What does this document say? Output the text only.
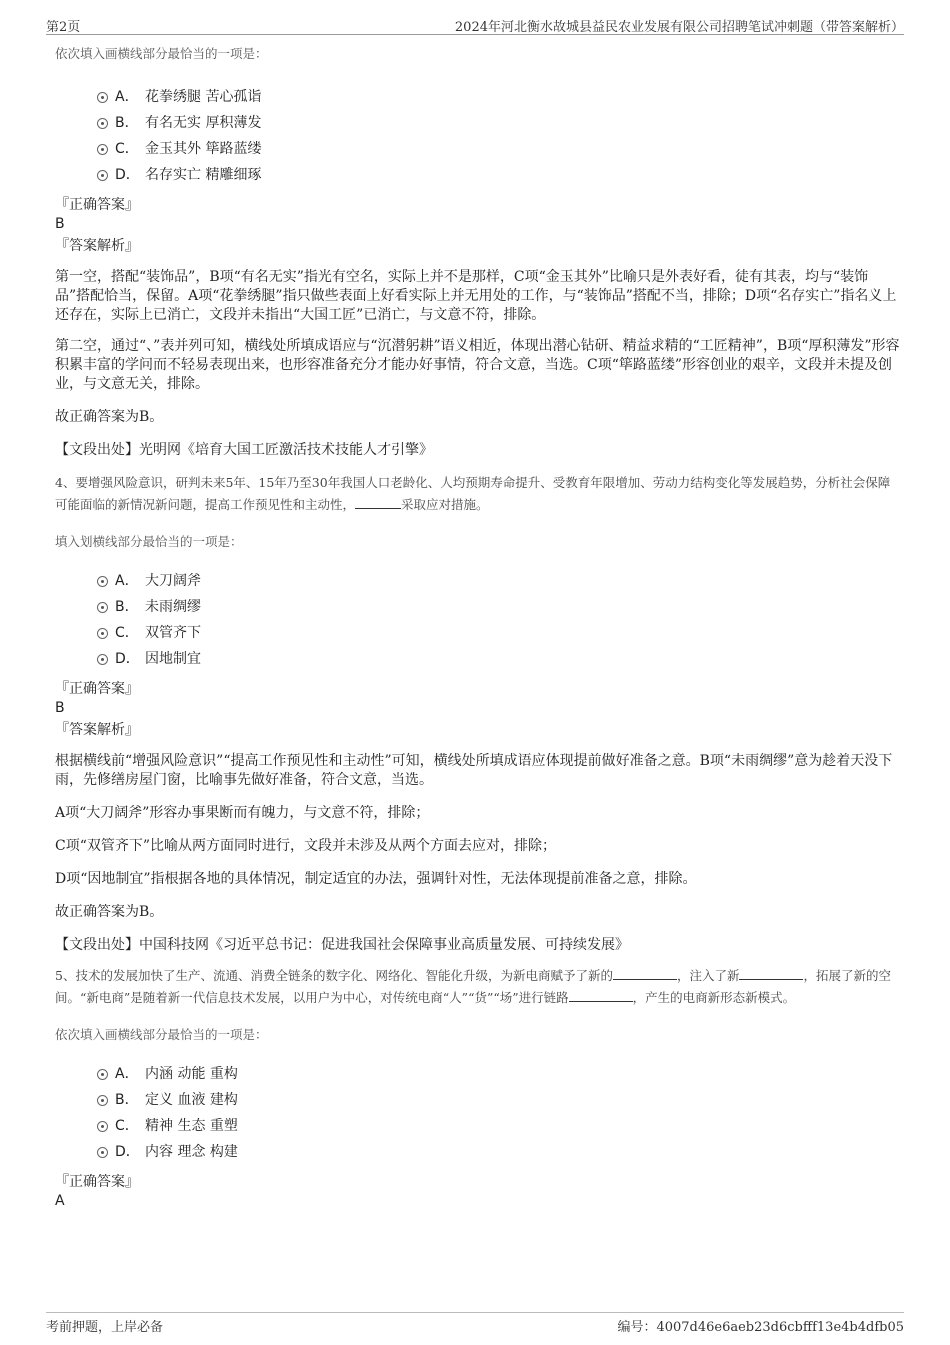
第2页	2024年河北衡水故城县益民农业发展有限公司招聘笔试冲刺题（带答案解析）

依次填入画横线部分最恰当的一项是：

A． 花拳绣腿 苦心孤诣
B． 有名无实 厚积薄发
C． 金玉其外 筚路蓝缕
D． 名存实亡 精雕细琢

『正确答案』

B

『答案解析』

第一空，搭配“装饰品”，B项“有名无实”指光有空名，实际上并不是那样，C项“金玉其外”比喻只是外表好看，徒有其表，均与“装饰品”搭配恰当，保留。A项“花拳绣腿”指只做些表面上好看实际上并无用处的工作，与“装饰品”搭配不当，排除；D项“名存实亡”指名义上还存在，实际上已消亡，文段并未指出“大国工匠”已消亡，与文意不符，排除。

第二空，通过“、”表并列可知，横线处所填成语应与“沉潜躬耕”语义相近，体现出潜心钻研、精益求精的“工匠精神”，B项“厚积薄发”形容积累丰富的学问而不轻易表现出来，也形容准备充分才能办好事情，符合文意，当选。C项“筚路蓝缕”形容创业的艰辛，文段并未提及创业，与文意无关，排除。

故正确答案为B。

【文段出处】光明网《培育大国工匠激活技术技能人才引擎》

4、要增强风险意识，研判未来5年、15年乃至30年我国人口老龄化、人均预期寿命提升、受教育年限增加、劳动力结构变化等发展趋势，分析社会保障可能面临的新情况新问题，提高工作预见性和主动性，	采取应对措施。

填入划横线部分最恰当的一项是：

A． 大刀阔斧
B． 未雨绸缪
C． 双管齐下
D． 因地制宜

『正确答案』

B

『答案解析』

根据横线前“增强风险意识”“提高工作预见性和主动性”可知，横线处所填成语应体现提前做好准备之意。B项“未雨绸缪”意为趁着天没下雨，先修缮房屋门窗，比喻事先做好准备，符合文意，当选。

A项“大刀阔斧”形容办事果断而有魄力，与文意不符，排除；

C项“双管齐下”比喻从两方面同时进行，文段并未涉及从两个方面去应对，排除；

D项“因地制宜”指根据各地的具体情况，制定适宜的办法，强调针对性，无法体现提前准备之意，排除。

故正确答案为B。

【文段出处】中国科技网《习近平总书记：促进我国社会保障事业高质量发展、可持续发展》

5、技术的发展加快了生产、流通、消费全链条的数字化、网络化、智能化升级，为新电商赋予了新的	，注入了新	，拓展了新的空间。“新电商”是随着新一代信息技术发展，以用户为中心，对传统电商“人”“货”“场”进行链路	，产生的电商新形态新模式。

依次填入画横线部分最恰当的一项是：

A． 内涵 动能 重构
B． 定义 血液 建构
C． 精神 生态 重塑
D． 内容 理念 构建

『正确答案』

A

考前押题，上岸必备	编号：4007d46e6aeb23d6cbfff13e4b4dfb05
